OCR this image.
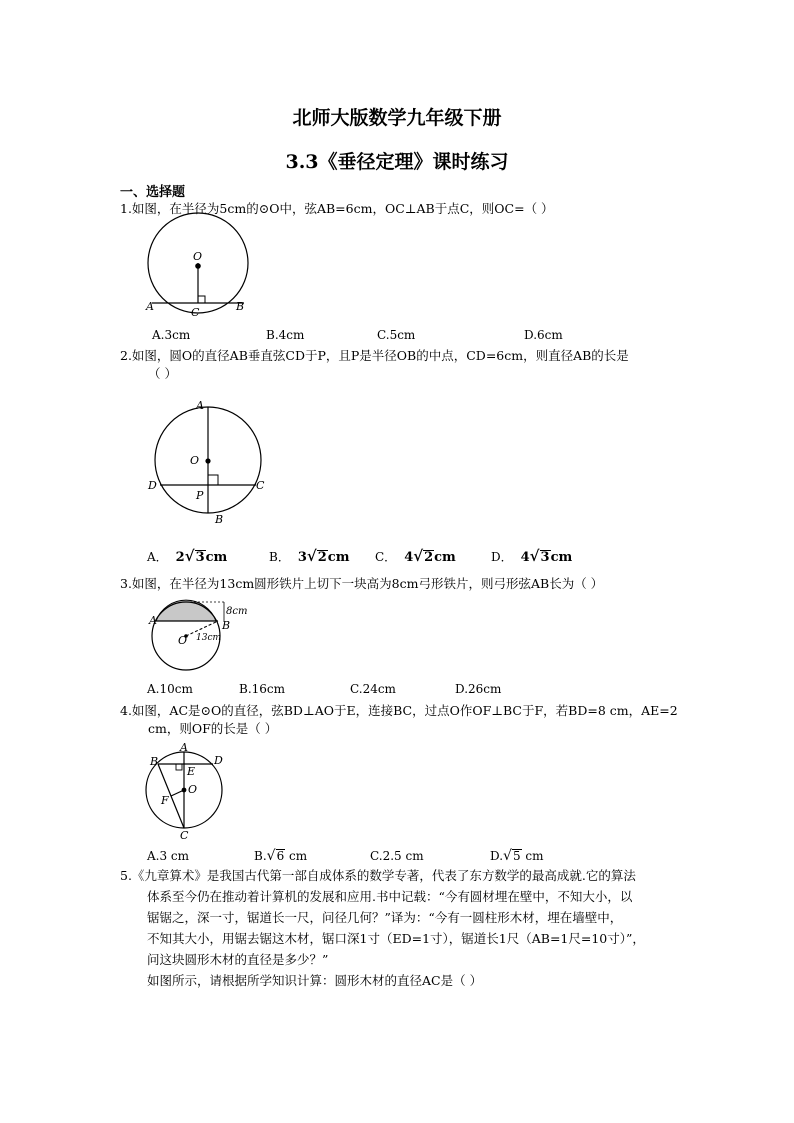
北师大版数学九年级下册
3.3《垂径定理》课时练习
一、选择题
1.如图，在半径为5cm的⊙O中，弦AB=6cm，OC⊥AB于点C，则OC=（ ）
O
A	C	B
A.3cm	B.4cm	C.5cm	D.6cm
2.如图，圆O的直径AB垂直弦CD于P，且P是半径OB的中点，CD=6cm，则直径AB的长是
（ ）
A
O
D
P
C
B
A． 2√3cm	B． 3√2cm C． 4√2cm	D． 4√3cm
3.如图，在半径为13cm圆形铁片上切下一块高为8cm弓形铁片，则弓形弦AB长为（ ）
A
8cm
B
O 13cm
A.10cm	B.16cm	C.24cm	D.26cm
4.如图，AC是⊙O的直径，弦BD⊥AO于E，连接BC，过点O作OF⊥BC于F，若BD=8 cm，AE=2
cm，则OF的长是（ ）
A
B	D
E
O
F
C
A.3 cm	B.√6 cm	C.2.5 cm	D.√5 cm
5.《九章算术》是我国古代第一部自成体系的数学专著，代表了东方数学的最高成就.它的算法
体系至今仍在推动着计算机的发展和应用.书中记载：“今有圆材埋在壁中，不知大小，以
锯锯之，深一寸，锯道长一尺，问径几何？”译为：“今有一圆柱形木材，埋在墙壁中，
不知其大小，用锯去锯这木材，锯口深1寸（ED=1寸），锯道长1尺（AB=1尺=10寸）”，
问这块圆形木材的直径是多少？”
如图所示，请根据所学知识计算：圆形木材的直径AC是（ ）
